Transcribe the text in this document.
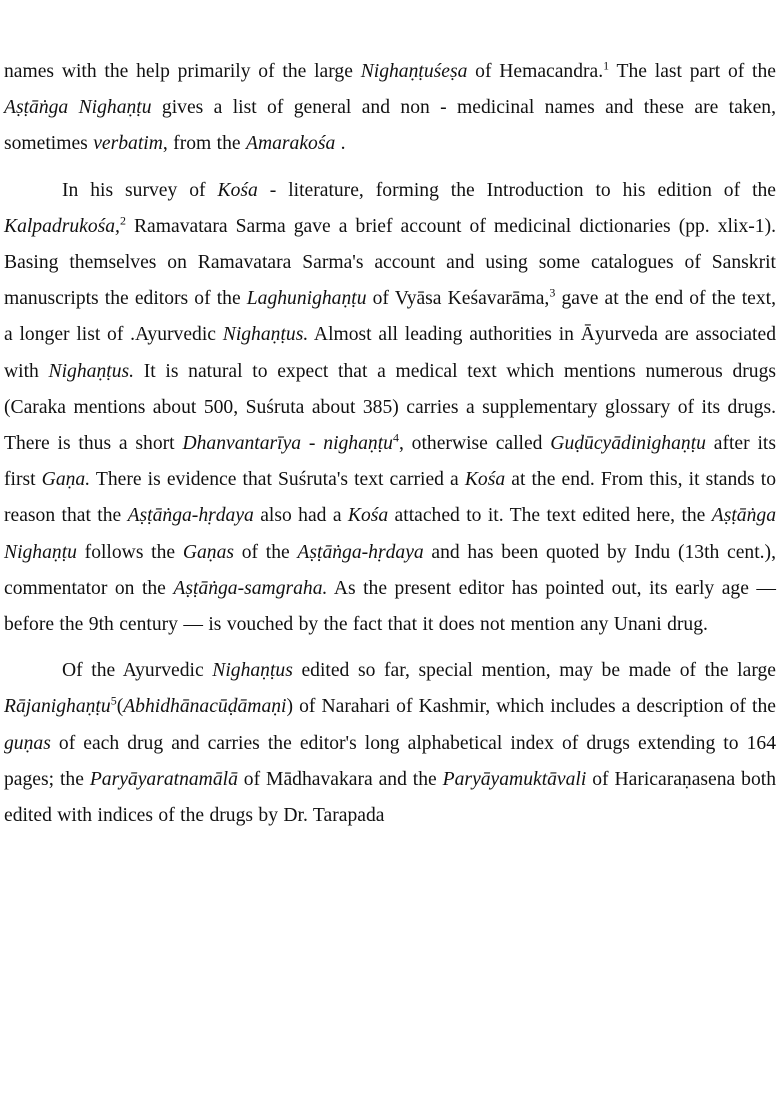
names with the help primarily of the large Nighaṇṭuśeṣa of Hemacandra.$^1$ The last part of the Aṣṭāṅga Nighaṇṭu gives a list of general and non - medicinal names and these are taken, sometimes verbatim, from the Amarakośa .

In his survey of Kośa - literature, forming the Introduction to his edition of the Kalpadrukośa,$^2$ Ramavatara Sarma gave a brief account of medicinal dictionaries (pp. xlix-1). Basing themselves on Ramavatara Sarma's account and using some catalogues of Sanskrit manuscripts the editors of the Laghunighaṇṭu of Vyāsa Keśavarāma,$^3$ gave at the end of the text, a longer list of .Ayurvedic Nighaṇṭus. Almost all leading authorities in Āyurveda are associated with Nighaṇṭus. It is natural to expect that a medical text which mentions numerous drugs (Caraka mentions about 500, Suśruta about 385) carries a supplementary glossary of its drugs. There is thus a short Dhanvantarīya - nighaṇṭu$^4$, otherwise called Guḍūcyādinighaṇṭu after its first Gaṇa. There is evidence that Suśruta's text carried a Kośa at the end. From this, it stands to reason that the Aṣṭāṅga-hṛdaya also had a Kośa attached to it. The text edited here, the Aṣṭāṅga Nighaṇṭu follows the Gaṇas of the Aṣṭāṅga-hṛdaya and has been quoted by Indu (13th cent.), commentator on the Aṣṭāṅga-samgraha. As the present editor has pointed out, its early age — before the 9th century — is vouched by the fact that it does not mention any Unani drug.

Of the Ayurvedic Nighaṇṭus edited so far, special mention, may be made of the large Rājanighaṇṭu$^5$(Abhidhānacūḍāmaṇi) of Narahari of Kashmir, which includes a description of the guṇas of each drug and carries the editor's long alphabetical index of drugs extending to 164 pages; the Paryāyaratnamālā of Mādhavakara and the Paryāyamuktāvali of Haricaraṇasena both edited with indices of the drugs by Dr. Tarapada
